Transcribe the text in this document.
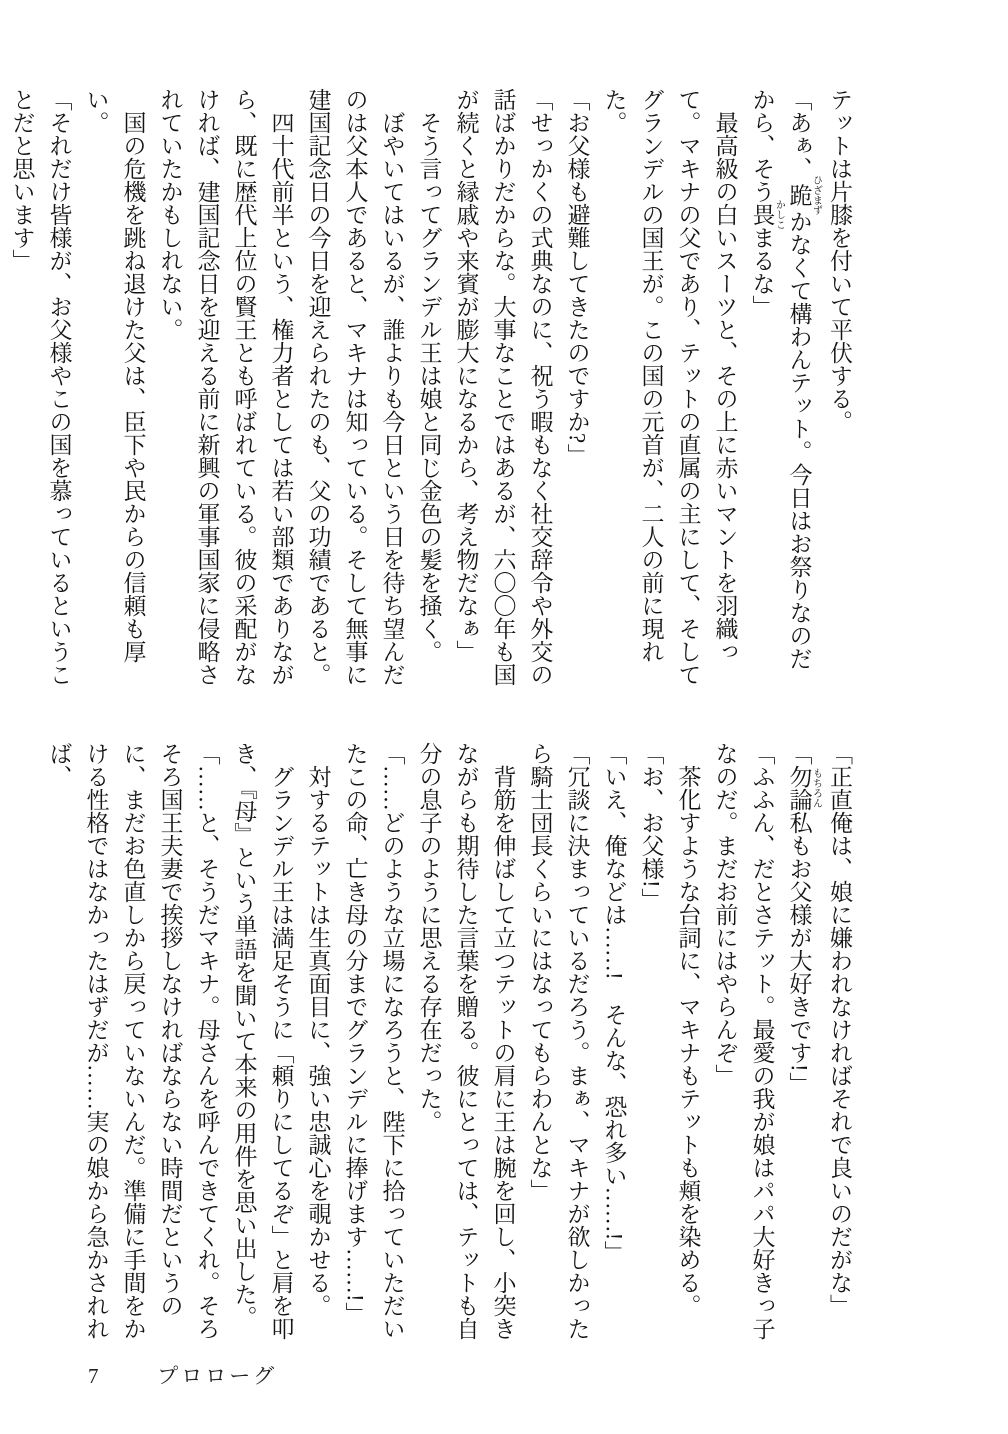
テットは片膝を付いて平伏する。

「あぁ、跪 ひざまずかなくて構わんテット。今日はお祭りなのだから、そう畏 かしこまるな」

　最高級の白いスーツと、その上に赤いマントを羽織って。マキナの父であり、テットの直属の主にして、そしてグランデルの国王が。この国の元首が、二人の前に現れた。

「お父様も避難してきたのですか?」

「せっかくの式典なのに、祝う暇もなく社交辞令や外交の話ばかりだからな。大事なことではあるが、六〇〇年も国が続くと縁戚や来賓が膨大になるから、考え物だなぁ」

　そう言ってグランデル王は娘と同じ金色の髪を掻く。

　ぼやいてはいるが、誰よりも今日という日を待ち望んだのは父本人であると、マキナは知っている。そして無事に建国記念日の今日を迎えられたのも、父の功績であると。

　四十代前半という、権力者としては若い部類でありながら、既に歴代上位の賢王とも呼ばれている。彼の采配がなければ、建国記念日を迎える前に新興の軍事国家に侵略されていたかもしれない。

　国の危機を跳ね退けた父は、臣下や民からの信頼も厚い。

「それだけ皆様が、お父様やこの国を慕っているということだと思います」

「正直俺は、娘に嫌われなければそれで良いのだがな」

「勿論 もちろん私もお父様が大好きです!」

「ふふん、だとさテット。最愛の我が娘はパパ大好きっ子なのだ。まだお前にはやらんぞ」

　茶化すような台詞に、マキナもテットも頬を染める。

「お、お父様!」

「いえ、俺などは……!　そんな、恐れ多い……!」

「冗談に決まっているだろう。まぁ、マキナが欲しかったら騎士団長くらいにはなってもらわんとな」

　背筋を伸ばして立つテットの肩に王は腕を回し、小突きながらも期待した言葉を贈る。彼にとっては、テットも自分の息子のように思える存在だった。

「……どのような立場になろうと、陛下に拾っていただいたこの命、亡き母の分までグランデルに捧げます……!」

　対するテットは生真面目に、強い忠誠心を覗かせる。

　グランデル王は満足そうに「頼りにしてるぞ」と肩を叩き、『母』という単語を聞いて本来の用件を思い出した。

「……と、そうだマキナ。母さんを呼んできてくれ。そろそろ国王夫妻で挨拶しなければならない時間だというのに、まだお色直しから戻っていないんだ。準備に手間をかける性格ではなかったはずだが……実の娘から急かされれば、

7	プロローグ
